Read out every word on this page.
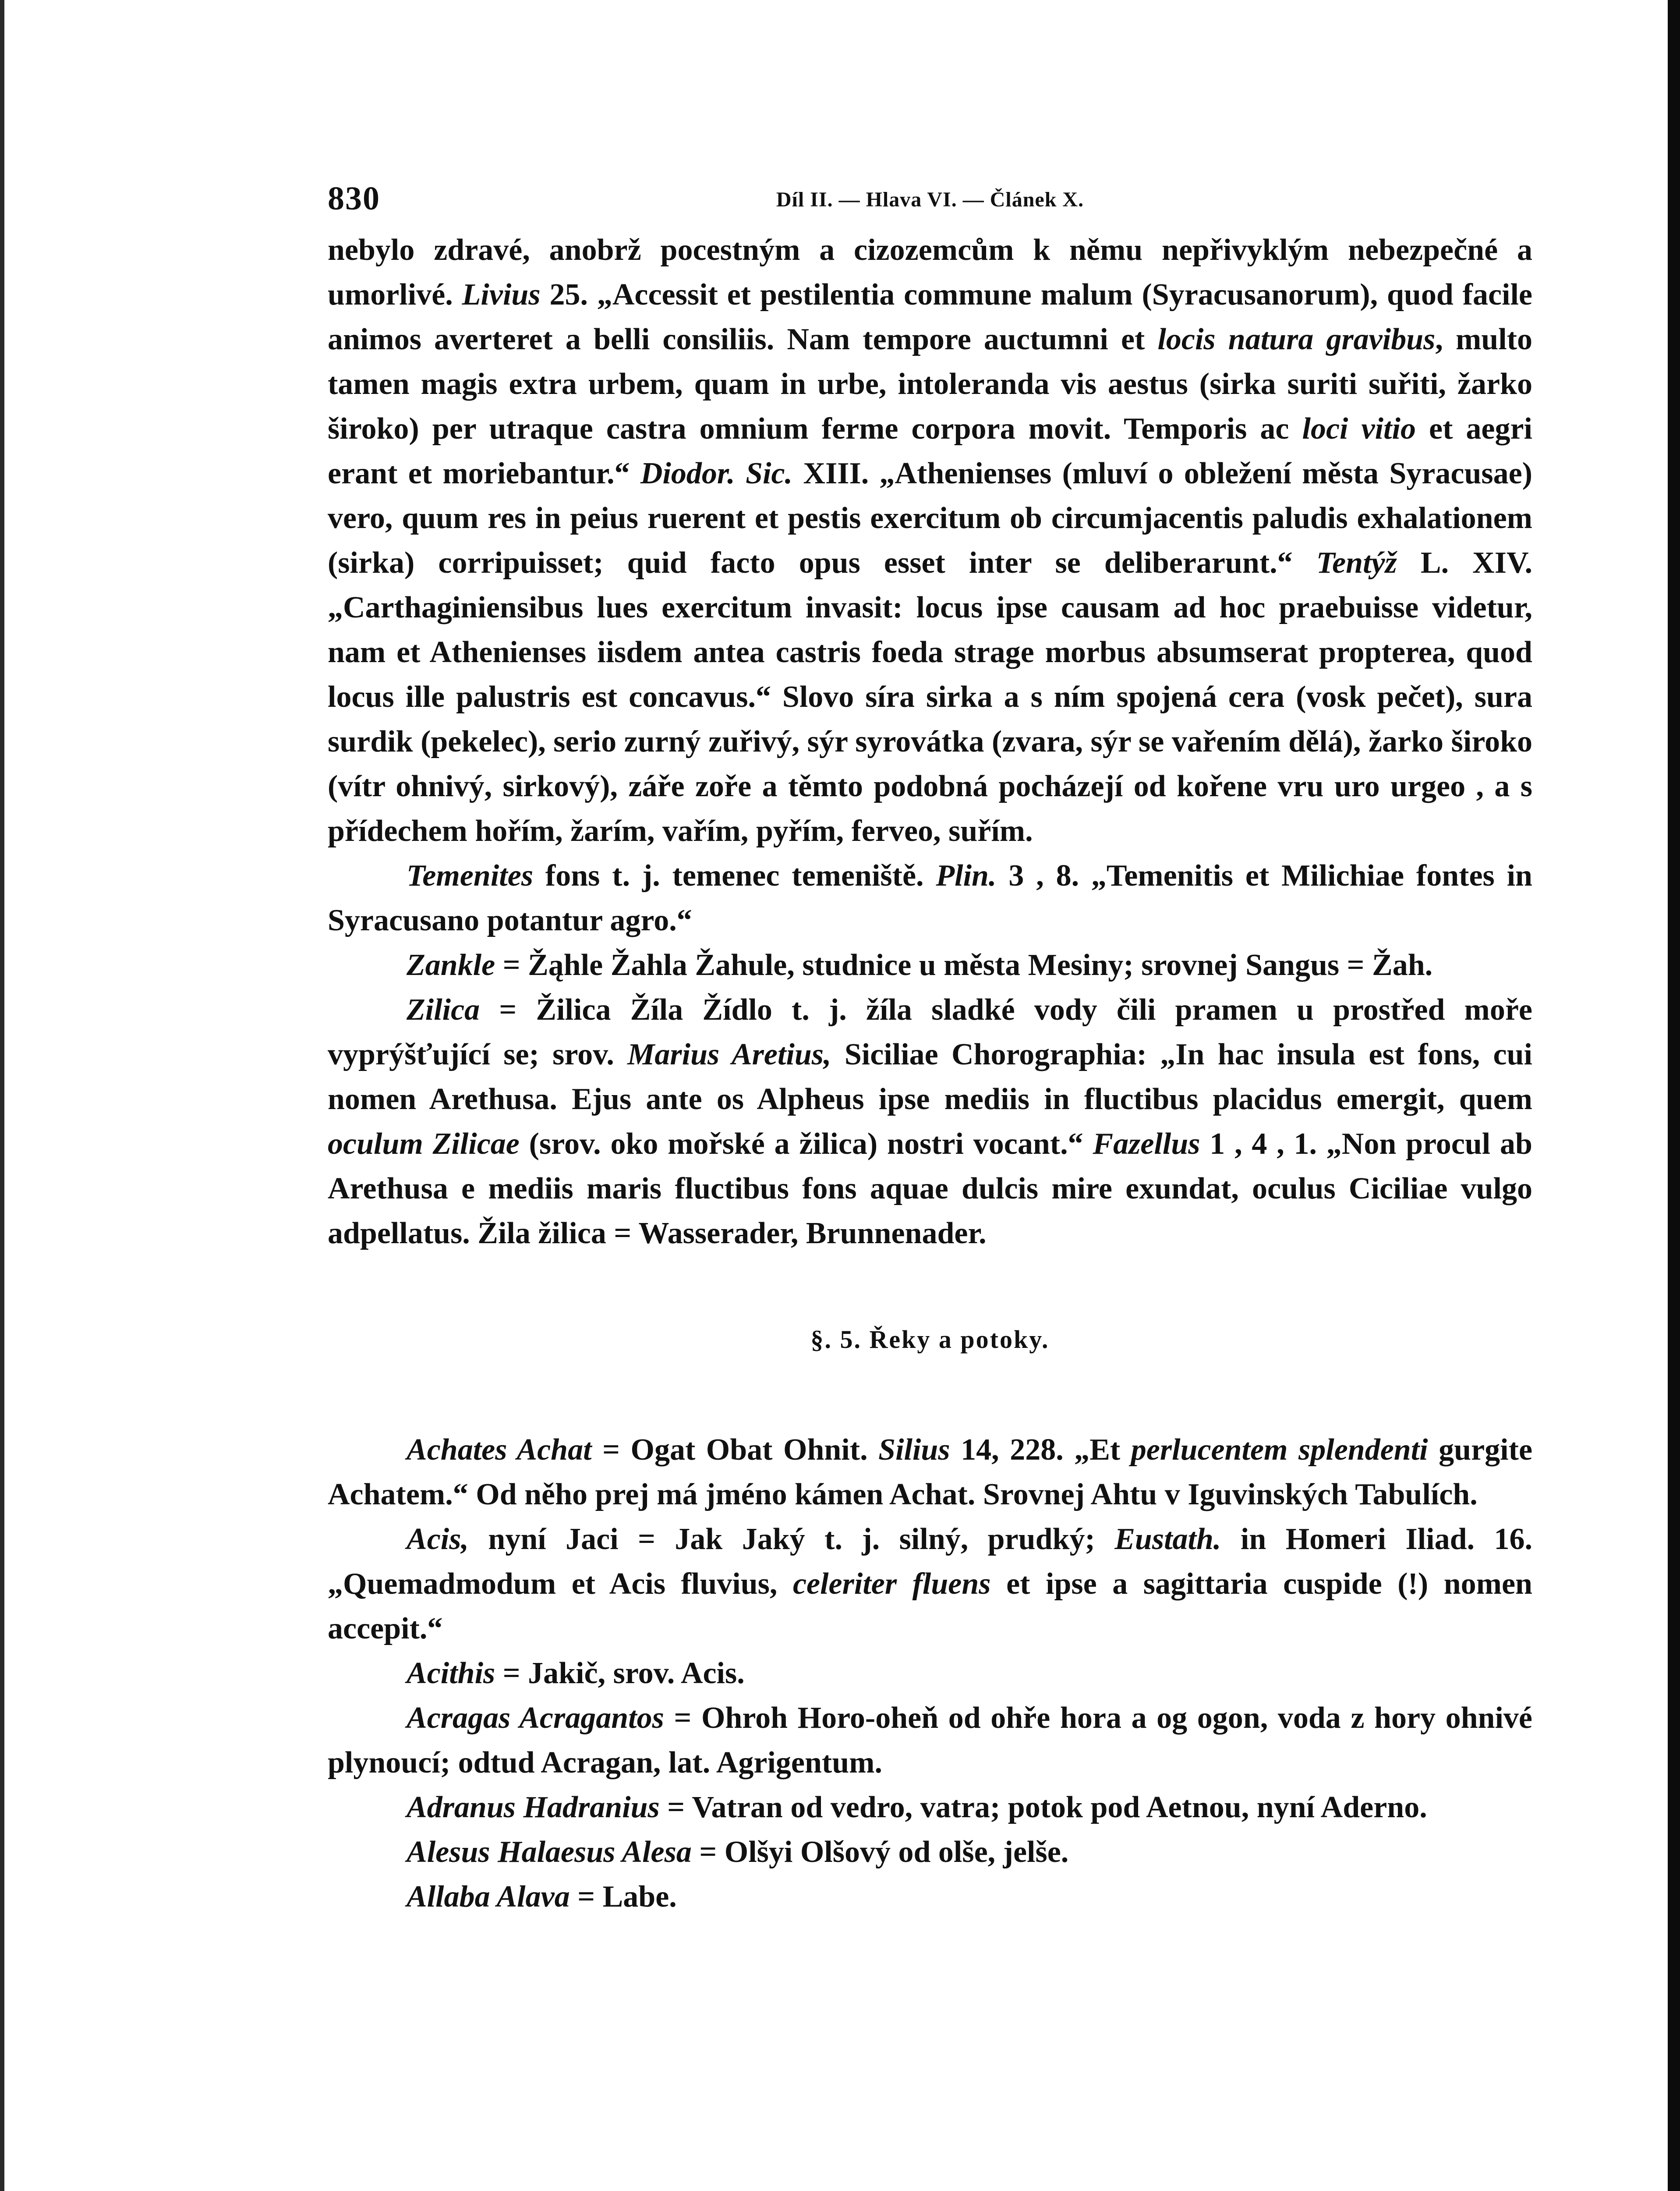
830	Díl II. — Hlava VI. — Článek X.

nebylo zdravé, anobrž pocestným a cizozemcům k němu nepřivyklým nebezpečné a umorlivé. Livius 25. „Accessit et pestilentia commune malum (Syracusanorum), quod facile animos averteret a belli consiliis. Nam tempore auctumni et locis natura gravibus, multo tamen magis extra urbem, quam in urbe, intoleranda vis aestus (sirka suriti suřiti, žarko široko) per utraque castra omnium ferme corpora movit. Temporis ac loci vitio et aegri erant et moriebantur.“ Diodor. Sic. XIII. „Athenienses (mluví o obležení města Syracusae) vero, quum res in peius ruerent et pestis exercitum ob circumjacentis paludis exhalationem (sirka) corripuisset; quid facto opus esset inter se deliberarunt.“ Tentýž L. XIV. „Carthaginiensibus lues exercitum invasit: locus ipse causam ad hoc praebuisse videtur, nam et Athenienses iisdem antea castris foeda strage morbus absumserat propterea, quod locus ille palustris est concavus.“ Slovo síra sirka a s ním spojená cera (vosk pečet), sura surdik (pekelec), serio zurný zuřivý, sýr syrovátka (zvara, sýr se vařením dělá), žarko široko (vítr ohnivý, sirkový), záře zoře a těmto podobná pocházejí od kořene vru uro urgeo , a s přídechem hořím, žarím, vařím, pyřím, ferveo, suřím.

Temenites fons t. j. temenec temeniště. Plin. 3 , 8. „Temenitis et Milichiae fontes in Syracusano potantur agro.“

Zankle = Žąhle Žahla Žahule, studnice u města Mesiny; srovnej Sangus = Žah.

Zilica = Žilica Žíla Žídlo t. j. žíla sladké vody čili pramen u prostřed moře vyprýšťující se; srov. Marius Aretius, Siciliae Chorographia: „In hac insula est fons, cui nomen Arethusa. Ejus ante os Alpheus ipse mediis in fluctibus placidus emergit, quem oculum Zilicae (srov. oko mořské a žilica) nostri vocant.“ Fazellus 1 , 4 , 1. „Non procul ab Arethusa e mediis maris fluctibus fons aquae dulcis mire exundat, oculus Ciciliae vulgo adpellatus. Žila žilica = Wasserader, Brunnenader.

§. 5. Řeky a potoky.

Achates Achat = Ogat Obat Ohnit. Silius 14, 228. „Et perlucentem splendenti gurgite Achatem.“ Od něho prej má jméno kámen Achat. Srovnej Ahtu v Iguvinských Tabulích.

Acis, nyní Jaci = Jak Jaký t. j. silný, prudký; Eustath. in Homeri Iliad. 16. „Quemadmodum et Acis fluvius, celeriter fluens et ipse a sagittaria cuspide (!) nomen accepit.“

Acithis = Jakič, srov. Acis.

Acragas Acragantos = Ohroh Horo-oheň od ohře hora a og ogon, voda z hory ohnivé plynoucí; odtud Acragan, lat. Agrigentum.

Adranus Hadranius = Vatran od vedro, vatra; potok pod Aetnou, nyní Aderno.

Alesus Halaesus Alesa = Olšyi Olšový od olše, jelše.

Allaba Alava = Labe.
